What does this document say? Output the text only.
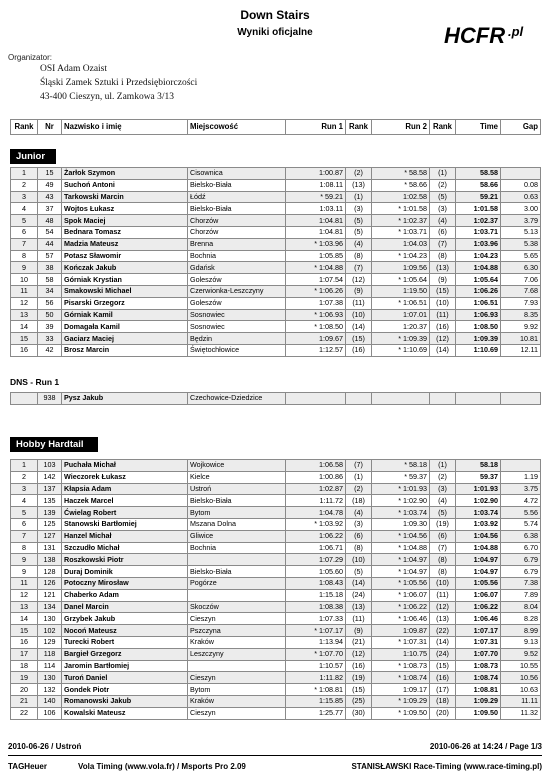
Down Stairs
Wyniki oficjalne	HCFR .pl
Organizator:
OSI Adam Ozaist
Śląski Zamek Sztuki i Przedsiębiorczości
43-400 Cieszyn, ul. Zamkowa 3/13
Rank	Nr	Nazwisko i imię	Miejscowość	Run 1	Rank	Run 2	Rank	Time	Gap
Junior
1	15	Żarłok Szymon	Cisownica	1:00.87	(2)	* 58.58	(1)	58.58	
2	49	Suchoń Antoni	Bielsko-Biała	1:08.11	(13)	* 58.66	(2)	58.66	0.08
3	43	Tarkowski Marcin	Łódź	* 59.21	(1)	1:02.58	(5)	59.21	0.63
4	37	Wojtos Łukasz	Bielsko-Biała	1:03.11	(3)	* 1:01.58	(3)	1:01.58	3.00
5	48	Spok Maciej	Chorzów	1:04.81	(5)	* 1:02.37	(4)	1:02.37	3.79
6	54	Bednara Tomasz	Chorzów	1:04.81	(5)	* 1:03.71	(6)	1:03.71	5.13
7	44	Madzia Mateusz	Brenna	* 1:03.96	(4)	1:04.03	(7)	1:03.96	5.38
8	57	Potasz Sławomir	Bochnia	1:05.85	(8)	* 1:04.23	(8)	1:04.23	5.65
9	38	Kończak Jakub	Gdańsk	* 1:04.88	(7)	1:09.56	(13)	1:04.88	6.30
10	58	Górniak Krystian	Goleszów	1:07.54	(12)	* 1:05.64	(9)	1:05.64	7.06
11	34	Smakowski Michael	Czerwionka-Leszczyny	* 1:06.26	(9)	1:19.50	(15)	1:06.26	7.68
12	56	Pisarski Grzegorz	Goleszów	1:07.38	(11)	* 1:06.51	(10)	1:06.51	7.93
13	50	Górniak Kamil	Sosnowiec	* 1:06.93	(10)	1:07.01	(11)	1:06.93	8.35
14	39	Domagała Kamil	Sosnowiec	* 1:08.50	(14)	1:20.37	(16)	1:08.50	9.92
15	33	Gaciarz Maciej	Będzin	1:09.67	(15)	* 1:09.39	(12)	1:09.39	10.81
16	42	Brosz Marcin	Świętochłowice	1:12.57	(16)	* 1:10.69	(14)	1:10.69	12.11
DNS - Run 1
	938	Pysz Jakub	Czechowice-Dziedzice						
Hobby Hardtail
1	103	Puchała Michał	Wojkowice	1:06.58	(7)	* 58.18	(1)	58.18	
2	142	Wieczorek Łukasz	Kielce	1:00.86	(1)	* 59.37	(2)	59.37	1.19
3	137	Kłapsia Adam	Ustroń	1:02.87	(2)	* 1:01.93	(3)	1:01.93	3.75
4	135	Haczek Marcel	Bielsko-Biała	1:11.72	(18)	* 1:02.90	(4)	1:02.90	4.72
5	139	Ćwielag Robert	Bytom	1:04.78	(4)	* 1:03.74	(5)	1:03.74	5.56
6	125	Stanowski Bartłomiej	Mszana Dolna	* 1:03.92	(3)	1:09.30	(19)	1:03.92	5.74
7	127	Hanzel Michał	Gliwice	1:06.22	(6)	* 1:04.56	(6)	1:04.56	6.38
8	131	Szczudło Michał	Bochnia	1:06.71	(8)	* 1:04.88	(7)	1:04.88	6.70
9	138	Roszkowski Piotr		1:07.29	(10)	* 1:04.97	(8)	1:04.97	6.79
9	128	Duraj Dominik	Bielsko-Biała	1:05.60	(5)	* 1:04.97	(8)	1:04.97	6.79
11	126	Potoczny Mirosław	Pogórze	1:08.43	(14)	* 1:05.56	(10)	1:05.56	7.38
12	121	Chaberko Adam		1:15.18	(24)	* 1:06.07	(11)	1:06.07	7.89
13	134	Danel Marcin	Skoczów	1:08.38	(13)	* 1:06.22	(12)	1:06.22	8.04
14	130	Grzybek Jakub	Cieszyn	1:07.33	(11)	* 1:06.46	(13)	1:06.46	8.28
15	102	Nocoń Mateusz	Pszczyna	* 1:07.17	(9)	1:09.87	(22)	1:07.17	8.99
16	129	Turecki Robert	Kraków	1:13.94	(21)	* 1:07.31	(14)	1:07.31	9.13
17	118	Bargieł Grzegorz	Leszczyny	* 1:07.70	(12)	1:10.75	(24)	1:07.70	9.52
18	114	Jaromin Bartłomiej		1:10.57	(16)	* 1:08.73	(15)	1:08.73	10.55
19	130	Turoń Daniel	Cieszyn	1:11.82	(19)	* 1:08.74	(16)	1:08.74	10.56
20	132	Gondek Piotr	Bytom	* 1:08.81	(15)	1:09.17	(17)	1:08.81	10.63
21	140	Romanowski Jakub	Kraków	1:15.85	(25)	* 1:09.29	(18)	1:09.29	11.11
22	106	Kowalski Mateusz	Cieszyn	1:25.77	(30)	* 1:09.50	(20)	1:09.50	11.32
2010-06-26 / Ustroń	2010-06-26 at 14:24 / Page 1/3
TAGHeuer	Vola Timing (www.vola.fr) / Msports Pro 2.09	STANISŁAWSKI Race-Timing (www.race-timing.pl)
